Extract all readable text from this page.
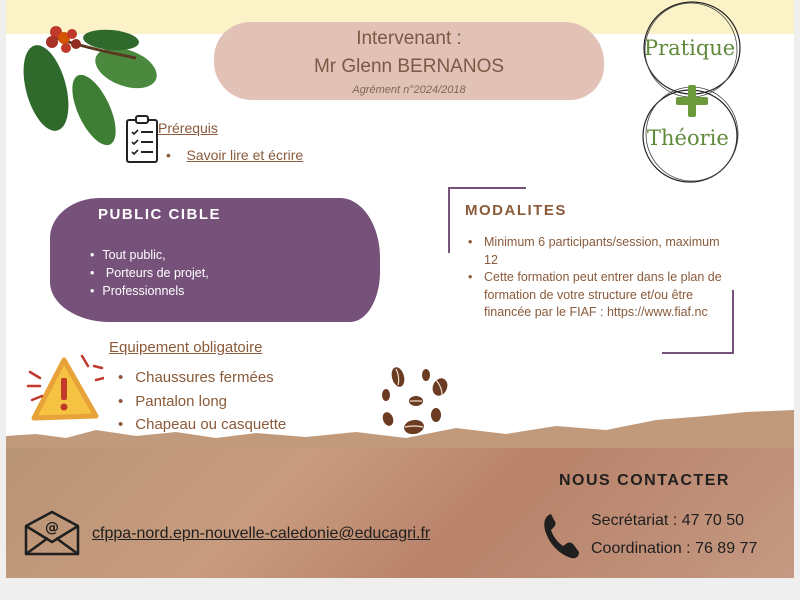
Intervenant :
Mr Glenn BERNANOS
Agrément n°2024/2018
Pratique
Théorie
Prérequis
•    Savoir lire et écrire
PUBLIC CIBLE
• Tout public,
• Porteurs de projet,
• Professionnels
MODALITES
• Minimum 6 participants/session, maximum 12
• Cette formation peut entrer dans le plan de formation de votre structure et/ou être financée par le FIAF : https://www.fiaf.nc
Equipement obligatoire
• Chaussures fermées
• Pantalon long
• Chapeau ou casquette
•
NOUS CONTACTER
@ cfppa-nord.epn-nouvelle-caledonie@educagri.fr
Secrétariat : 47 70 50
Coordination : 76 89 77
